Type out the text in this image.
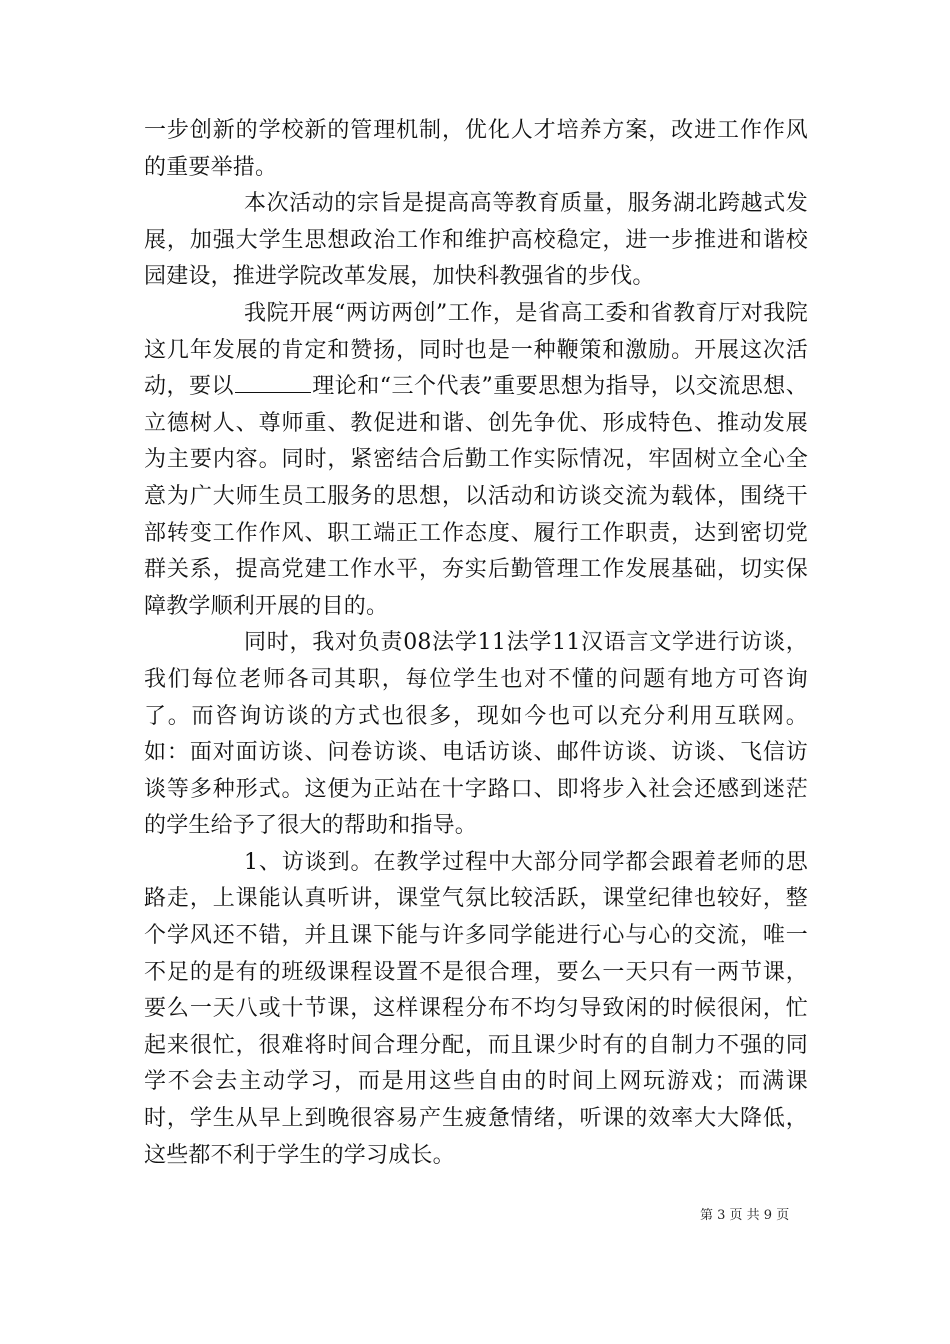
一步创新的学校新的管理机制，优化人才培养方案，改进工作作风的重要举措。

本次活动的宗旨是提高高等教育质量，服务湖北跨越式发展，加强大学生思想政治工作和维护高校稳定，进一步推进和谐校园建设，推进学院改革发展，加快科教强省的步伐。

我院开展“两访两创”工作，是省高工委和省教育厅对我院这几年发展的肯定和赞扬，同时也是一种鞭策和激励。开展这次活动，要以	理论和“三个代表”重要思想为指导，以交流思想、立德树人、尊师重、教促进和谐、创先争优、形成特色、推动发展为主要内容。同时，紧密结合后勤工作实际情况，牢固树立全心全意为广大师生员工服务的思想，以活动和访谈交流为载体，围绕干部转变工作作风、职工端正工作态度、履行工作职责，达到密切党群关系，提高党建工作水平，夯实后勤管理工作发展基础，切实保障教学顺利开展的目的。

同时，我对负责08法学11法学11汉语言文学进行访谈，我们每位老师各司其职，每位学生也对不懂的问题有地方可咨询了。而咨询访谈的方式也很多，现如今也可以充分利用互联网。如：面对面访谈、问卷访谈、电话访谈、邮件访谈、访谈、飞信访谈等多种形式。这便为正站在十字路口、即将步入社会还感到迷茫的学生给予了很大的帮助和指导。

1、访谈到。在教学过程中大部分同学都会跟着老师的思路走，上课能认真听讲，课堂气氛比较活跃，课堂纪律也较好，整个学风还不错，并且课下能与许多同学能进行心与心的交流，唯一不足的是有的班级课程设置不是很合理，要么一天只有一两节课，要么一天八或十节课，这样课程分布不均匀导致闲的时候很闲，忙起来很忙，很难将时间合理分配，而且课少时有的自制力不强的同学不会去主动学习，而是用这些自由的时间上网玩游戏；而满课时，学生从早上到晚很容易产生疲惫情绪，听课的效率大大降低，这些都不利于学生的学习成长。

第 3 页 共 9 页
